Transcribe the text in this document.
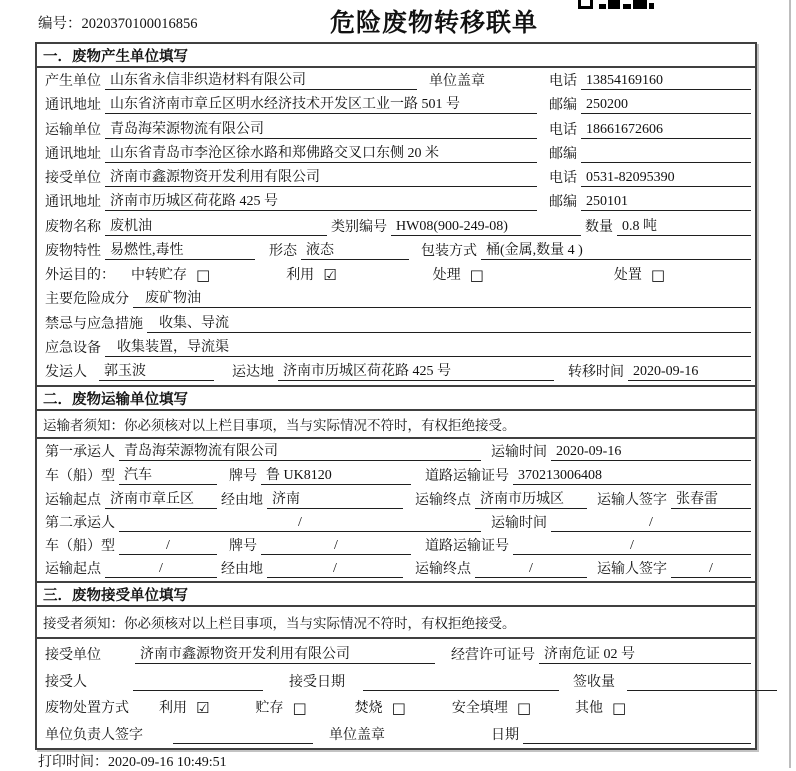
编号：2020370100016856	危险废物转移联单
一．废物产生单位填写
产生单位 山东省永信非织造材料有限公司	单位盖章	电话 13854169160
通讯地址 山东省济南市章丘区明水经济技术开发区工业一路 501 号	邮编 250200
运输单位 青岛海荣源物流有限公司	电话 18661672606
通讯地址 山东省青岛市李沧区徐水路和郑佛路交叉口东侧 20 米	邮编
接受单位 济南市鑫源物资开发利用有限公司	电话 0531-82095390
通讯地址 济南市历城区荷花路 425 号	邮编 250101
废物名称 废机油	类别编号 HW08(900-249-08)	数量 0.8 吨
废物特性 易燃性,毒性	形态 液态	包装方式 桶(金属,数量 4 )
外运目的：	中转贮存 □	利用 ☑	处理 □	处置 □
主要危险成分	废矿物油
禁忌与应急措施	收集、导流
应急设备	收集装置，导流渠
发运人	郭玉波	运达地 济南市历城区荷花路 425 号	转移时间 2020-09-16
二．废物运输单位填写
运输者须知：你必须核对以上栏目事项，当与实际情况不符时，有权拒绝接受。
第一承运人 青岛海荣源物流有限公司	运输时间 2020-09-16
车（船）型 汽车	牌号 鲁 UK8120	道路运输证号 370213006408
运输起点 济南市章丘区	经由地 济南	运输终点 济南市历城区	运输人签字 张春雷
第二承运人	/	运输时间	/
车（船）型	/	牌号	/	道路运输证号	/
运输起点	/	经由地	/	运输终点	/	运输人签字	/
三．废物接受单位填写
接受者须知：你必须核对以上栏目事项，当与实际情况不符时，有权拒绝接受。
接受单位	济南市鑫源物资开发利用有限公司	经营许可证号 济南危证 02 号
接受人	接受日期	签收量
废物处置方式 利用 ☑	贮存 □	焚烧 □	安全填埋 □	其他 □
单位负责人签字	单位盖章	日期
打印时间：2020-09-16 10:49:51
